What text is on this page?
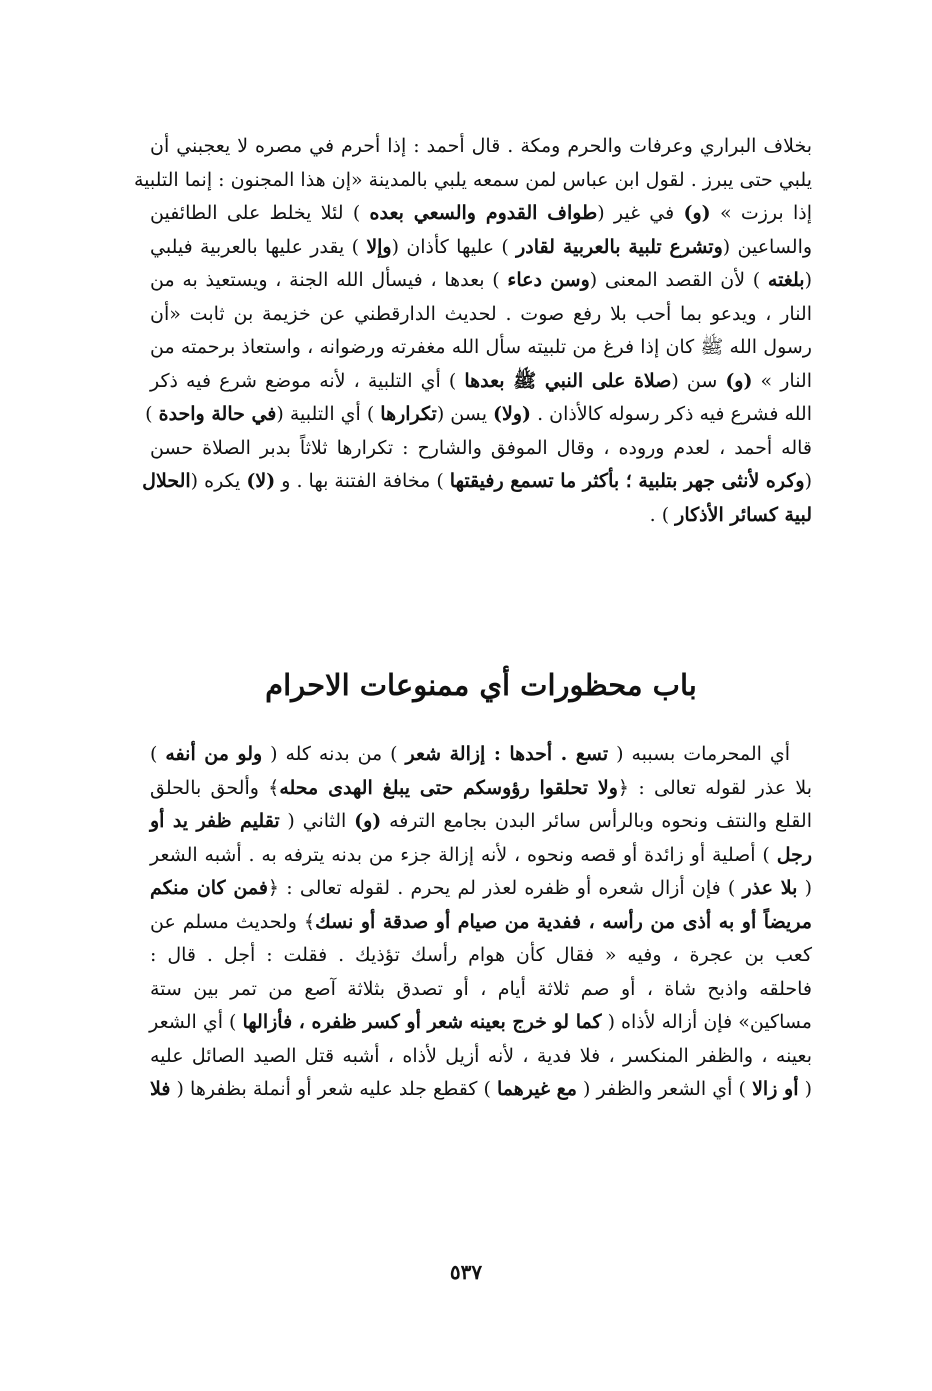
بخلاف البراري وعرفات والحرم ومكة . قال أحمد : إذا أحرم في مصره لا يعجبني أن
يلبي حتى يبرز . لقول ابن عباس لمن سمعه يلبي بالمدينة «إن هذا المجنون : إنما التلبية
إذا برزت » (و) في غير (طواف القدوم والسعي بعده ) لئلا يخلط على الطائفين
والساعين (وتشرع تلبية بالعربية لقادر ) عليها كأذان (وإلا ) يقدر عليها بالعربية فيلبي
(بلغته ) لأن القصد المعنى (وسن دعاء ) بعدها ، فيسأل الله الجنة ، ويستعيذ به من
النار ، ويدعو بما أحب بلا رفع صوت . لحديث الدارقطني عن خزيمة بن ثابت «أن
رسول الله ﷺ كان إذا فرغ من تلبيته سأل الله مغفرته ورضوانه ، واستعاذ برحمته من
النار » (و) سن (صلاة على النبي ﷺ بعدها ) أي التلبية ، لأنه موضع شرع فيه ذكر
الله فشرع فيه ذكر رسوله كالأذان . (ولا) يسن (تكرارها ) أي التلبية (في حالة واحدة )
قاله أحمد ، لعدم وروده ، وقال الموفق والشارح : تكرارها ثلاثاً بدبر الصلاة حسن
(وكره لأنثى جهر بتلبية ؛ بأكثر ما تسمع رفيقتها ) مخافة الفتنة بها . و (لا) يكره (الحلال
لبية كسائر الأذكار ) .
باب محظورات أي ممنوعات الاحرام
أي المحرمات بسببه ( تسع . أحدها : إزالة شعر ) من بدنه كله ( ولو من أنفه )
بلا عذر لقوله تعالى : ﴿ولا تحلقوا رؤوسكم حتى يبلغ الهدى محله﴾ وألحق بالحلق
القلع والنتف ونحوه وبالرأس سائر البدن بجامع الترفه (و) الثاني ( تقليم ظفر يد أو
رجل ) أصلية أو زائدة أو قصه ونحوه ، لأنه إزالة جزء من بدنه يترفه به . أشبه الشعر
( بلا عذر ) فإن أزال شعره أو ظفره لعذر لم يحرم . لقوله تعالى : ﴿فمن كان منكم
مريضاً أو به أذى من رأسه ، ففدية من صيام أو صدقة أو نسك﴾ ولحديث مسلم عن
كعب بن عجرة ، وفيه « فقال كأن هوام رأسك تؤذيك . فقلت : أجل . قال :
فاحلقه واذبح شاة ، أو صم ثلاثة أيام ، أو تصدق بثلاثة آصع من تمر بين ستة
مساكين» فإن أزاله لأذاه ( كما لو خرج بعينه شعر أو كسر ظفره ، فأزالها ) أي الشعر
بعينه ، والظفر المنكسر ، فلا فدية ، لأنه أزيل لأذاه ، أشبه قتل الصيد الصائل عليه
( أو زالا ) أي الشعر والظفر ( مع غيرهما ) كقطع جلد عليه شعر أو أنملة بظفرها ( فلا
٥٣٧
